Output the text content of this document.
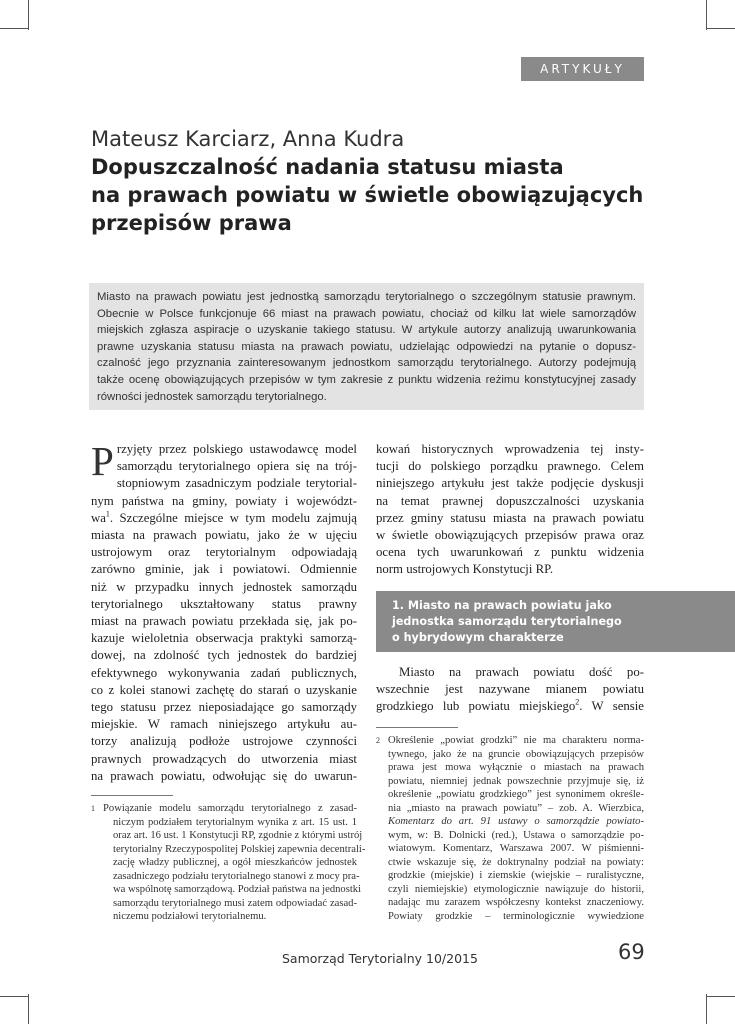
ARTYKUŁY
Mateusz Karciarz, Anna Kudra
Dopuszczalność nadania statusu miasta
na prawach powiatu w świetle obowiązujących
przepisów prawa
Miasto na prawach powiatu jest jednostką samorządu terytorialnego o szczególnym statusie prawnym.
Obecnie w Polsce funkcjonuje 66 miast na prawach powiatu, chociaż od kilku lat wiele samorządów
miejskich zgłasza aspiracje o uzyskanie takiego statusu. W artykule autorzy analizują uwarunkowania
prawne uzyskania statusu miasta na prawach powiatu, udzielając odpowiedzi na pytanie o dopusz-
czalność jego przyznania zainteresowanym jednostkom samorządu terytorialnego. Autorzy podejmują
także ocenę obowiązujących przepisów w tym zakresie z punktu widzenia reżimu konstytucyjnej zasady
równości jednostek samorządu terytorialnego.
P rzyjęty przez polskiego ustawodawcę model
samorządu terytorialnego opiera się na trój-
stopniowym zasadniczym podziale terytorial-
nym państwa na gminy, powiaty i województ-
$wa^1$. Szczególne miejsce w tym modelu zajmują
miasta na prawach powiatu, jako że w ujęciu
ustrojowym oraz terytorialnym odpowiadają
zarówno gminie, jak i powiatowi. Odmiennie
niż w przypadku innych jednostek samorządu
terytorialnego ukształtowany status prawny
miast na prawach powiatu przekłada się, jak po-
kazuje wieloletnia obserwacja praktyki samorzą-
dowej, na zdolność tych jednostek do bardziej
efektywnego wykonywania zadań publicznych,
co z kolei stanowi zachętę do starań o uzyskanie
tego statusu przez nieposiadające go samorządy
miejskie. W ramach niniejszego artykułu au-
torzy analizują podłoże ustrojowe czynności
prawnych prowadzących do utworzenia miast
na prawach powiatu, odwołując się do uwarun-
kowań historycznych wprowadzenia tej insty-
tucji do polskiego porządku prawnego. Celem
niniejszego artykułu jest także podjęcie dyskusji
na temat prawnej dopuszczalności uzyskania
przez gminy statusu miasta na prawach powiatu
w świetle obowiązujących przepisów prawa oraz
ocena tych uwarunkowań z punktu widzenia
norm ustrojowych Konstytucji RP.
1. Miasto na prawach powiatu jako
jednostka samorządu terytorialnego
o hybrydowym charakterze
Miasto na prawach powiatu dość po-
wszechnie jest nazywane mianem powiatu
grodzkiego lub powiatu miejskiego$^2$. W sensie
1 Powiązanie modelu samorządu terytorialnego z zasad-
niczym podziałem terytorialnym wynika z art. 15 ust. 1
oraz art. 16 ust. 1 Konstytucji RP, zgodnie z którymi ustrój
terytorialny Rzeczypospolitej Polskiej zapewnia decentrali-
zację władzy publicznej, a ogół mieszkańców jednostek
zasadniczego podziału terytorialnego stanowi z mocy pra-
wa wspólnotę samorządową. Podział państwa na jednostki
samorządu terytorialnego musi zatem odpowiadać zasad-
niczemu podziałowi terytorialnemu.
2 Określenie „powiat grodzki” nie ma charakteru norma-
tywnego, jako że na gruncie obowiązujących przepisów
prawa jest mowa wyłącznie o miastach na prawach
powiatu, niemniej jednak powszechnie przyjmuje się, iż
określenie „powiatu grodzkiego” jest synonimem określe-
nia „miasto na prawach powiatu” – zob. A. Wierzbica,
Komentarz do art. 91 ustawy o samorządzie powiato-
wym, w: B. Dolnicki (red.), Ustawa o samorządzie po-
wiatowym. Komentarz, Warszawa 2007. W piśmienni-
ctwie wskazuje się, że doktrynalny podział na powiaty:
grodzkie (miejskie) i ziemskie (wiejskie – ruralistyczne,
czyli niemiejskie) etymologicznie nawiązuje do historii,
nadając mu zarazem współczesny kontekst znaczeniowy.
Powiaty grodzkie – terminologicznie wywiedzione
Samorząd Terytorialny 10/2015	69
